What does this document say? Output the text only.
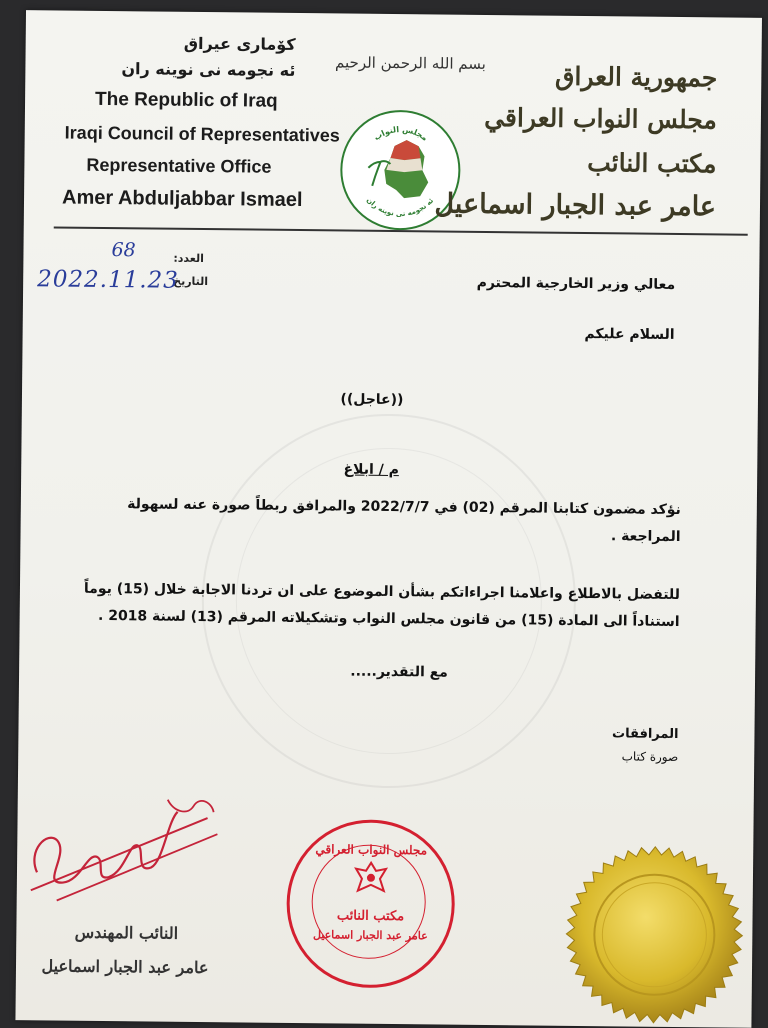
کۆماری عیراق
ئه نجومه نی نوینه ران
The Republic of Iraq
Iraqi Council of Representatives
Representative Office
Amer Abduljabbar Ismael
بسم الله الرحمن الرحيم
مجلس النواب
ئه نجومه نی نوینه ران
جمهورية العراق
مجلس النواب العراقي
مكتب النائب
عامر عبد الجبار اسماعيل
العدد:
التاريخ
68
2022.11.23	معالي وزير الخارجية المحترم
السلام عليكم
((عاجل))
م / ابلاغ
نؤكد مضمون كتابنا المرقم (02) في 2022/7/7 والمرافق ربطاً صورة عنه لسهولة المراجعة .
للتفضل بالاطلاع واعلامنا اجراءاتكم بشأن الموضوع على ان تردنا الاجابة خلال (15) يوماً استناداً الى المادة (15) من قانون مجلس النواب وتشكيلاته المرقم (13) لسنة 2018 .
مع التقدير.....
المرافقات
صورة كتاب
النائب المهندس
عامر عبد الجبار اسماعيل
مجلس النواب العراقي
مكتب النائب
عامر عبد الجبار اسماعيل
